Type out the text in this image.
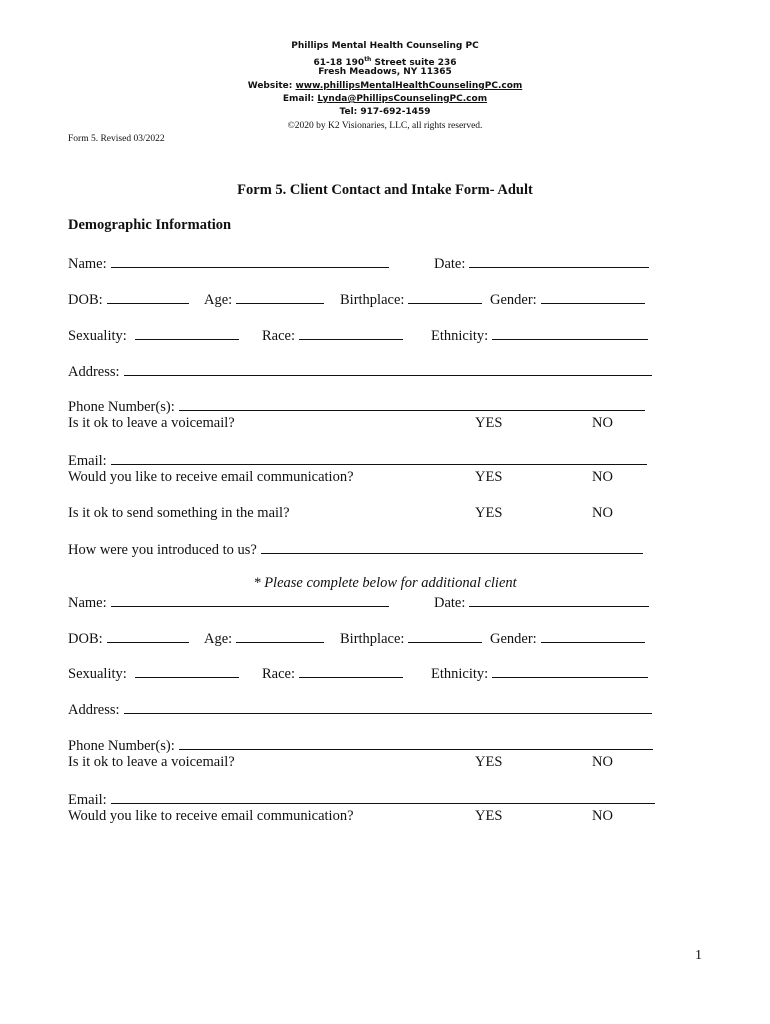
Phillips Mental Health Counseling PC
61-18 190th Street suite 236
Fresh Meadows, NY 11365
Website: www.phillipsMentalHealthCounselingPC.com
Email: Lynda@PhillipsCounselingPC.com
Tel: 917-692-1459
©2020 by K2 Visionaries, LLC, all rights reserved.
Form 5. Revised 03/2022
Form 5. Client Contact and Intake Form- Adult
Demographic Information
Name:	Date:
DOB:	Age:	Birthplace:	Gender:
Sexuality:	Race:	Ethnicity:
Address:
Phone Number(s):
Is it ok to leave a voicemail?	YES	NO
Email:
Would you like to receive email communication?	YES	NO
Is it ok to send something in the mail?	YES	NO
How were you introduced to us?
* Please complete below for additional client
Name:	Date:
DOB:	Age:	Birthplace:	Gender:
Sexuality:	Race:	Ethnicity:
Address:
Phone Number(s):
Is it ok to leave a voicemail?	YES	NO
Email:
Would you like to receive email communication?	YES	NO
1
